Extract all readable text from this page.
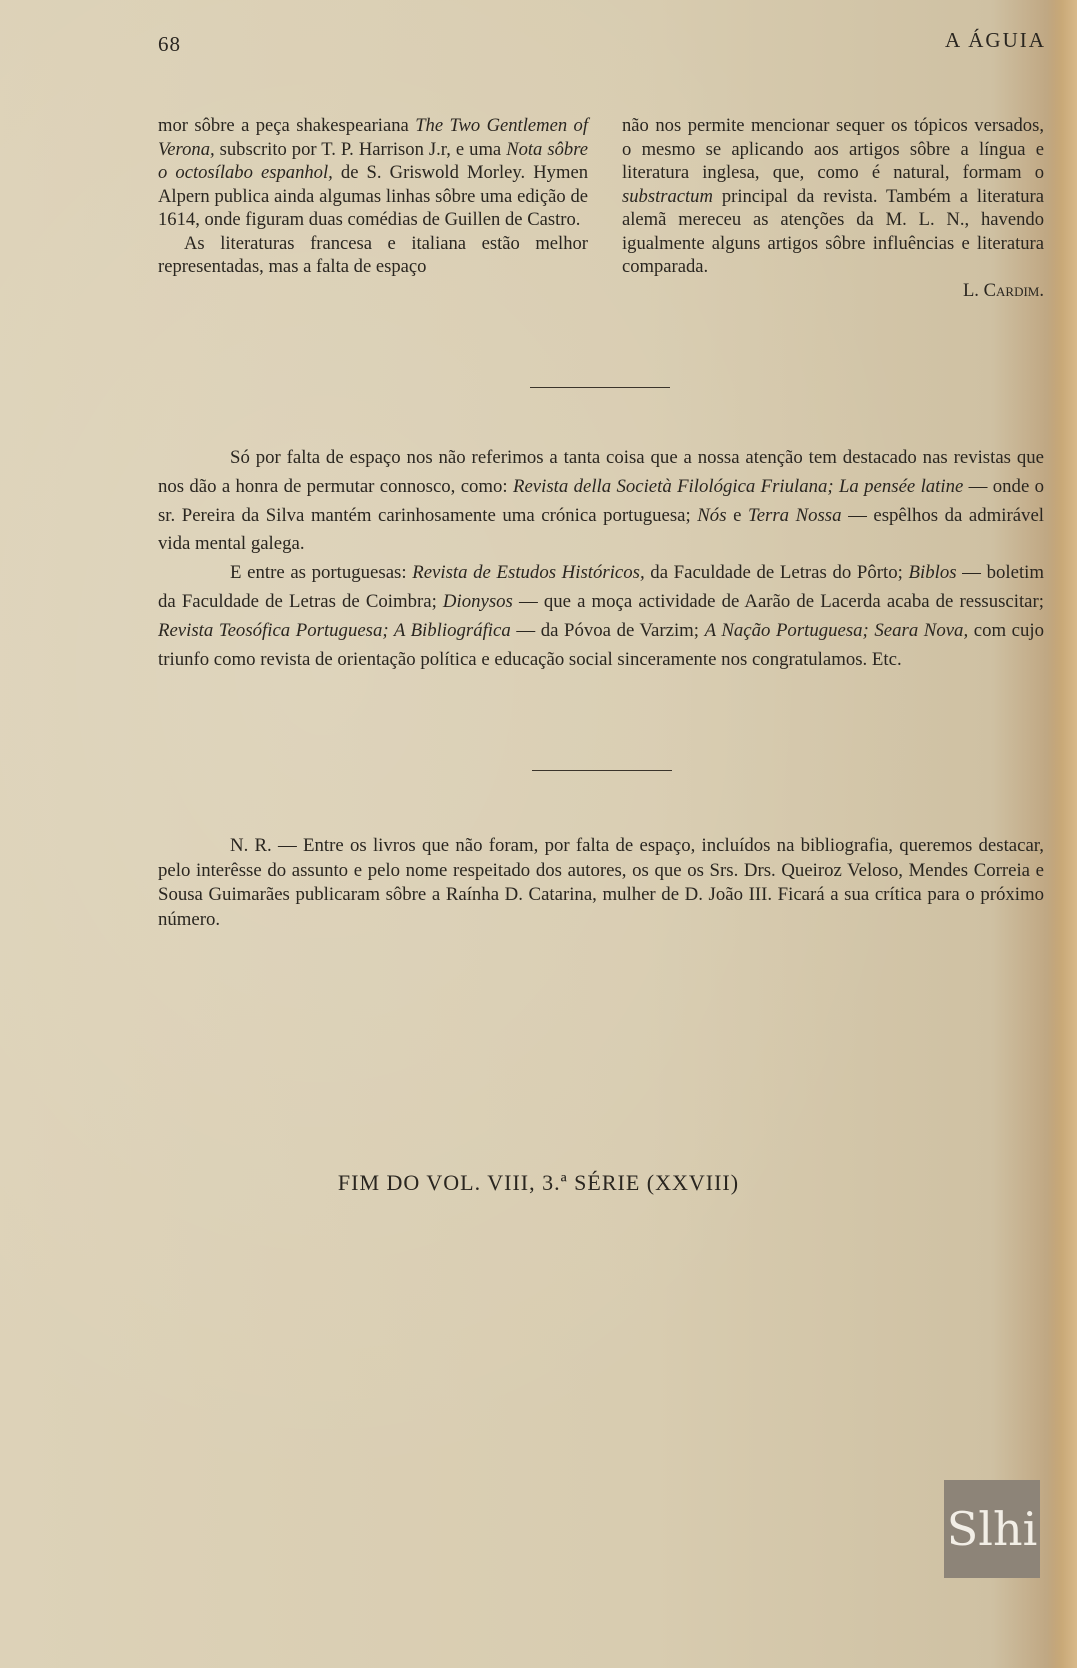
68	A ÁGUIA

mor sôbre a peça shakespeariana The Two Gentlemen of Verona, subscrito por T. P. Harrison J.r, e uma Nota sôbre o octosílabo espanhol, de S. Griswold Morley. Hymen Alpern publica ainda algumas linhas sôbre uma edição de 1614, onde figuram duas comédias de Guillen de Castro.

As literaturas francesa e italiana estão melhor representadas, mas a falta de espaço

não nos permite mencionar sequer os tópicos versados, o mesmo se aplicando aos artigos sôbre a língua e literatura inglesa, que, como é natural, formam o substractum principal da revista. Também a literatura alemã mereceu as atenções da M. L. N., havendo igualmente alguns artigos sôbre influências e literatura comparada.

L. Cardim.

Só por falta de espaço nos não referimos a tanta coisa que a nossa atenção tem destacado nas revistas que nos dão a honra de permutar connosco, como: Revista della Società Filológica Friulana; La pensée latine — onde o sr. Pereira da Silva mantém carinhosamente uma crónica portuguesa; Nós e Terra Nossa — espêlhos da admirável vida mental galega.

E entre as portuguesas: Revista de Estudos Históricos, da Faculdade de Letras do Pôrto; Biblos — boletim da Faculdade de Letras de Coimbra; Dionysos — que a moça actividade de Aarão de Lacerda acaba de ressuscitar; Revista Teosófica Portuguesa; A Bibliográfica — da Póvoa de Varzim; A Nação Portuguesa; Seara Nova, com cujo triunfo como revista de orientação política e educação social sinceramente nos congratulamos. Etc.

N. R. — Entre os livros que não foram, por falta de espaço, incluídos na bibliografia, queremos destacar, pelo interêsse do assunto e pelo nome respeitado dos autores, os que os Srs. Drs. Queiroz Veloso, Mendes Correia e Sousa Guimarães publicaram sôbre a Raínha D. Catarina, mulher de D. João III. Ficará a sua crítica para o próximo número.

FIM DO VOL. VIII, 3.ª SÉRIE (XXVIII)
Slhi
